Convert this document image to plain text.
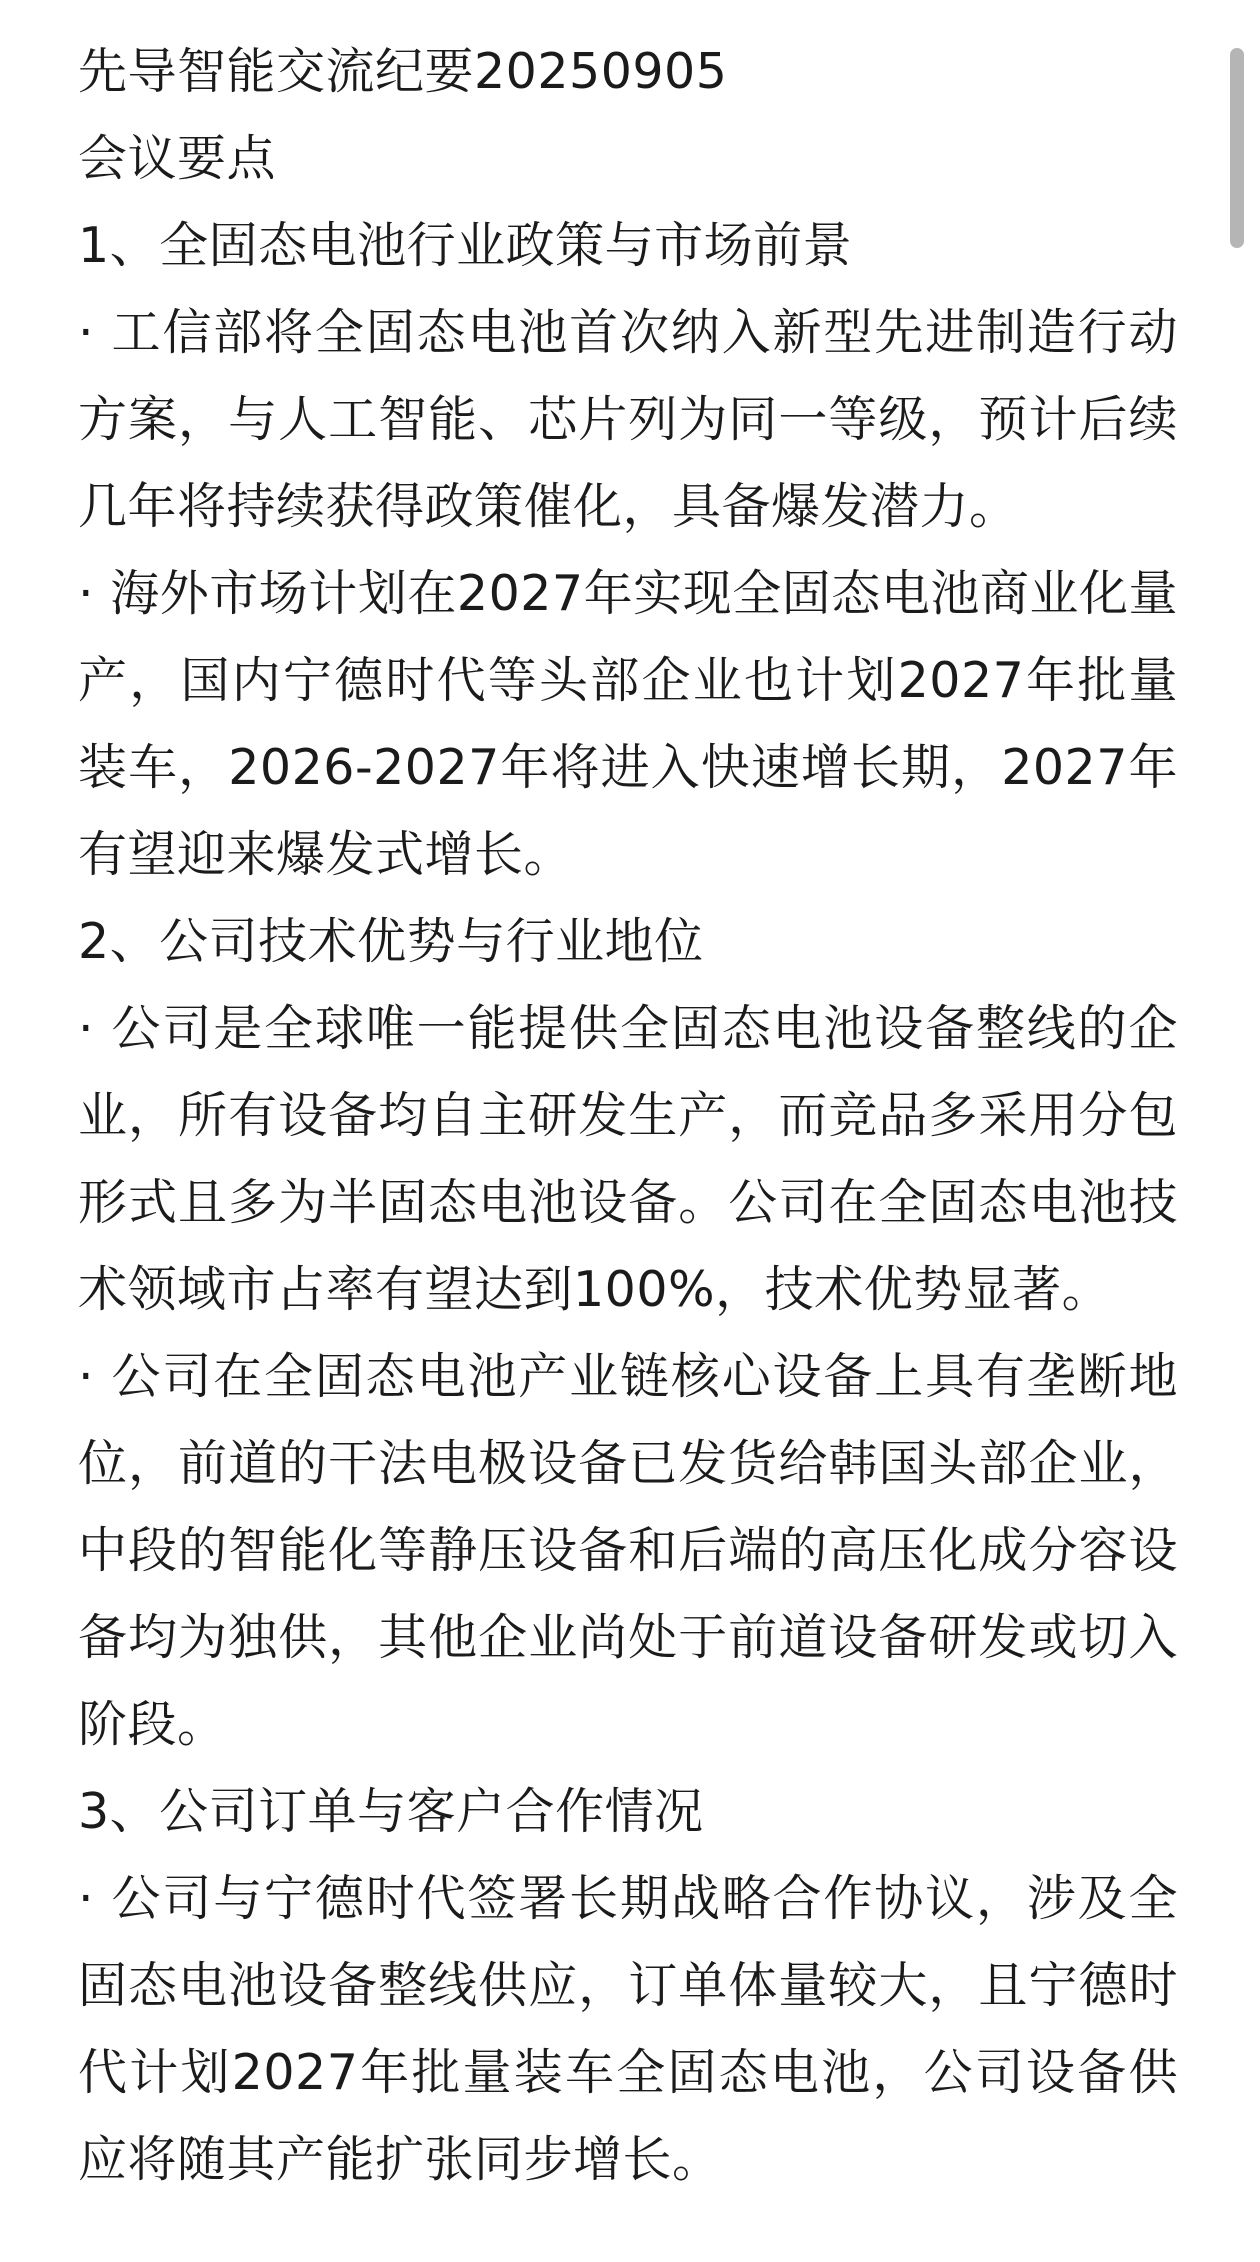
先导智能交流纪要20250905

会议要点

1、全固态电池行业政策与市场前景

· 工信部将全固态电池首次纳入新型先进制造行动方案，与人工智能、芯片列为同一等级，预计后续几年将持续获得政策催化，具备爆发潜力。

· 海外市场计划在2027年实现全固态电池商业化量产，国内宁德时代等头部企业也计划2027年批量装车，2026-2027年将进入快速增长期，2027年有望迎来爆发式增长。

2、公司技术优势与行业地位

· 公司是全球唯一能提供全固态电池设备整线的企业，所有设备均自主研发生产，而竞品多采用分包形式且多为半固态电池设备。公司在全固态电池技术领域市占率有望达到100%，技术优势显著。

· 公司在全固态电池产业链核心设备上具有垄断地位，前道的干法电极设备已发货给韩国头部企业，中段的智能化等静压设备和后端的高压化成分容设备均为独供，其他企业尚处于前道设备研发或切入阶段。

3、公司订单与客户合作情况

· 公司与宁德时代签署长期战略合作协议，涉及全固态电池设备整线供应，订单体量较大，且宁德时代计划2027年批量装车全固态电池，公司设备供应将随其产能扩张同步增长。
